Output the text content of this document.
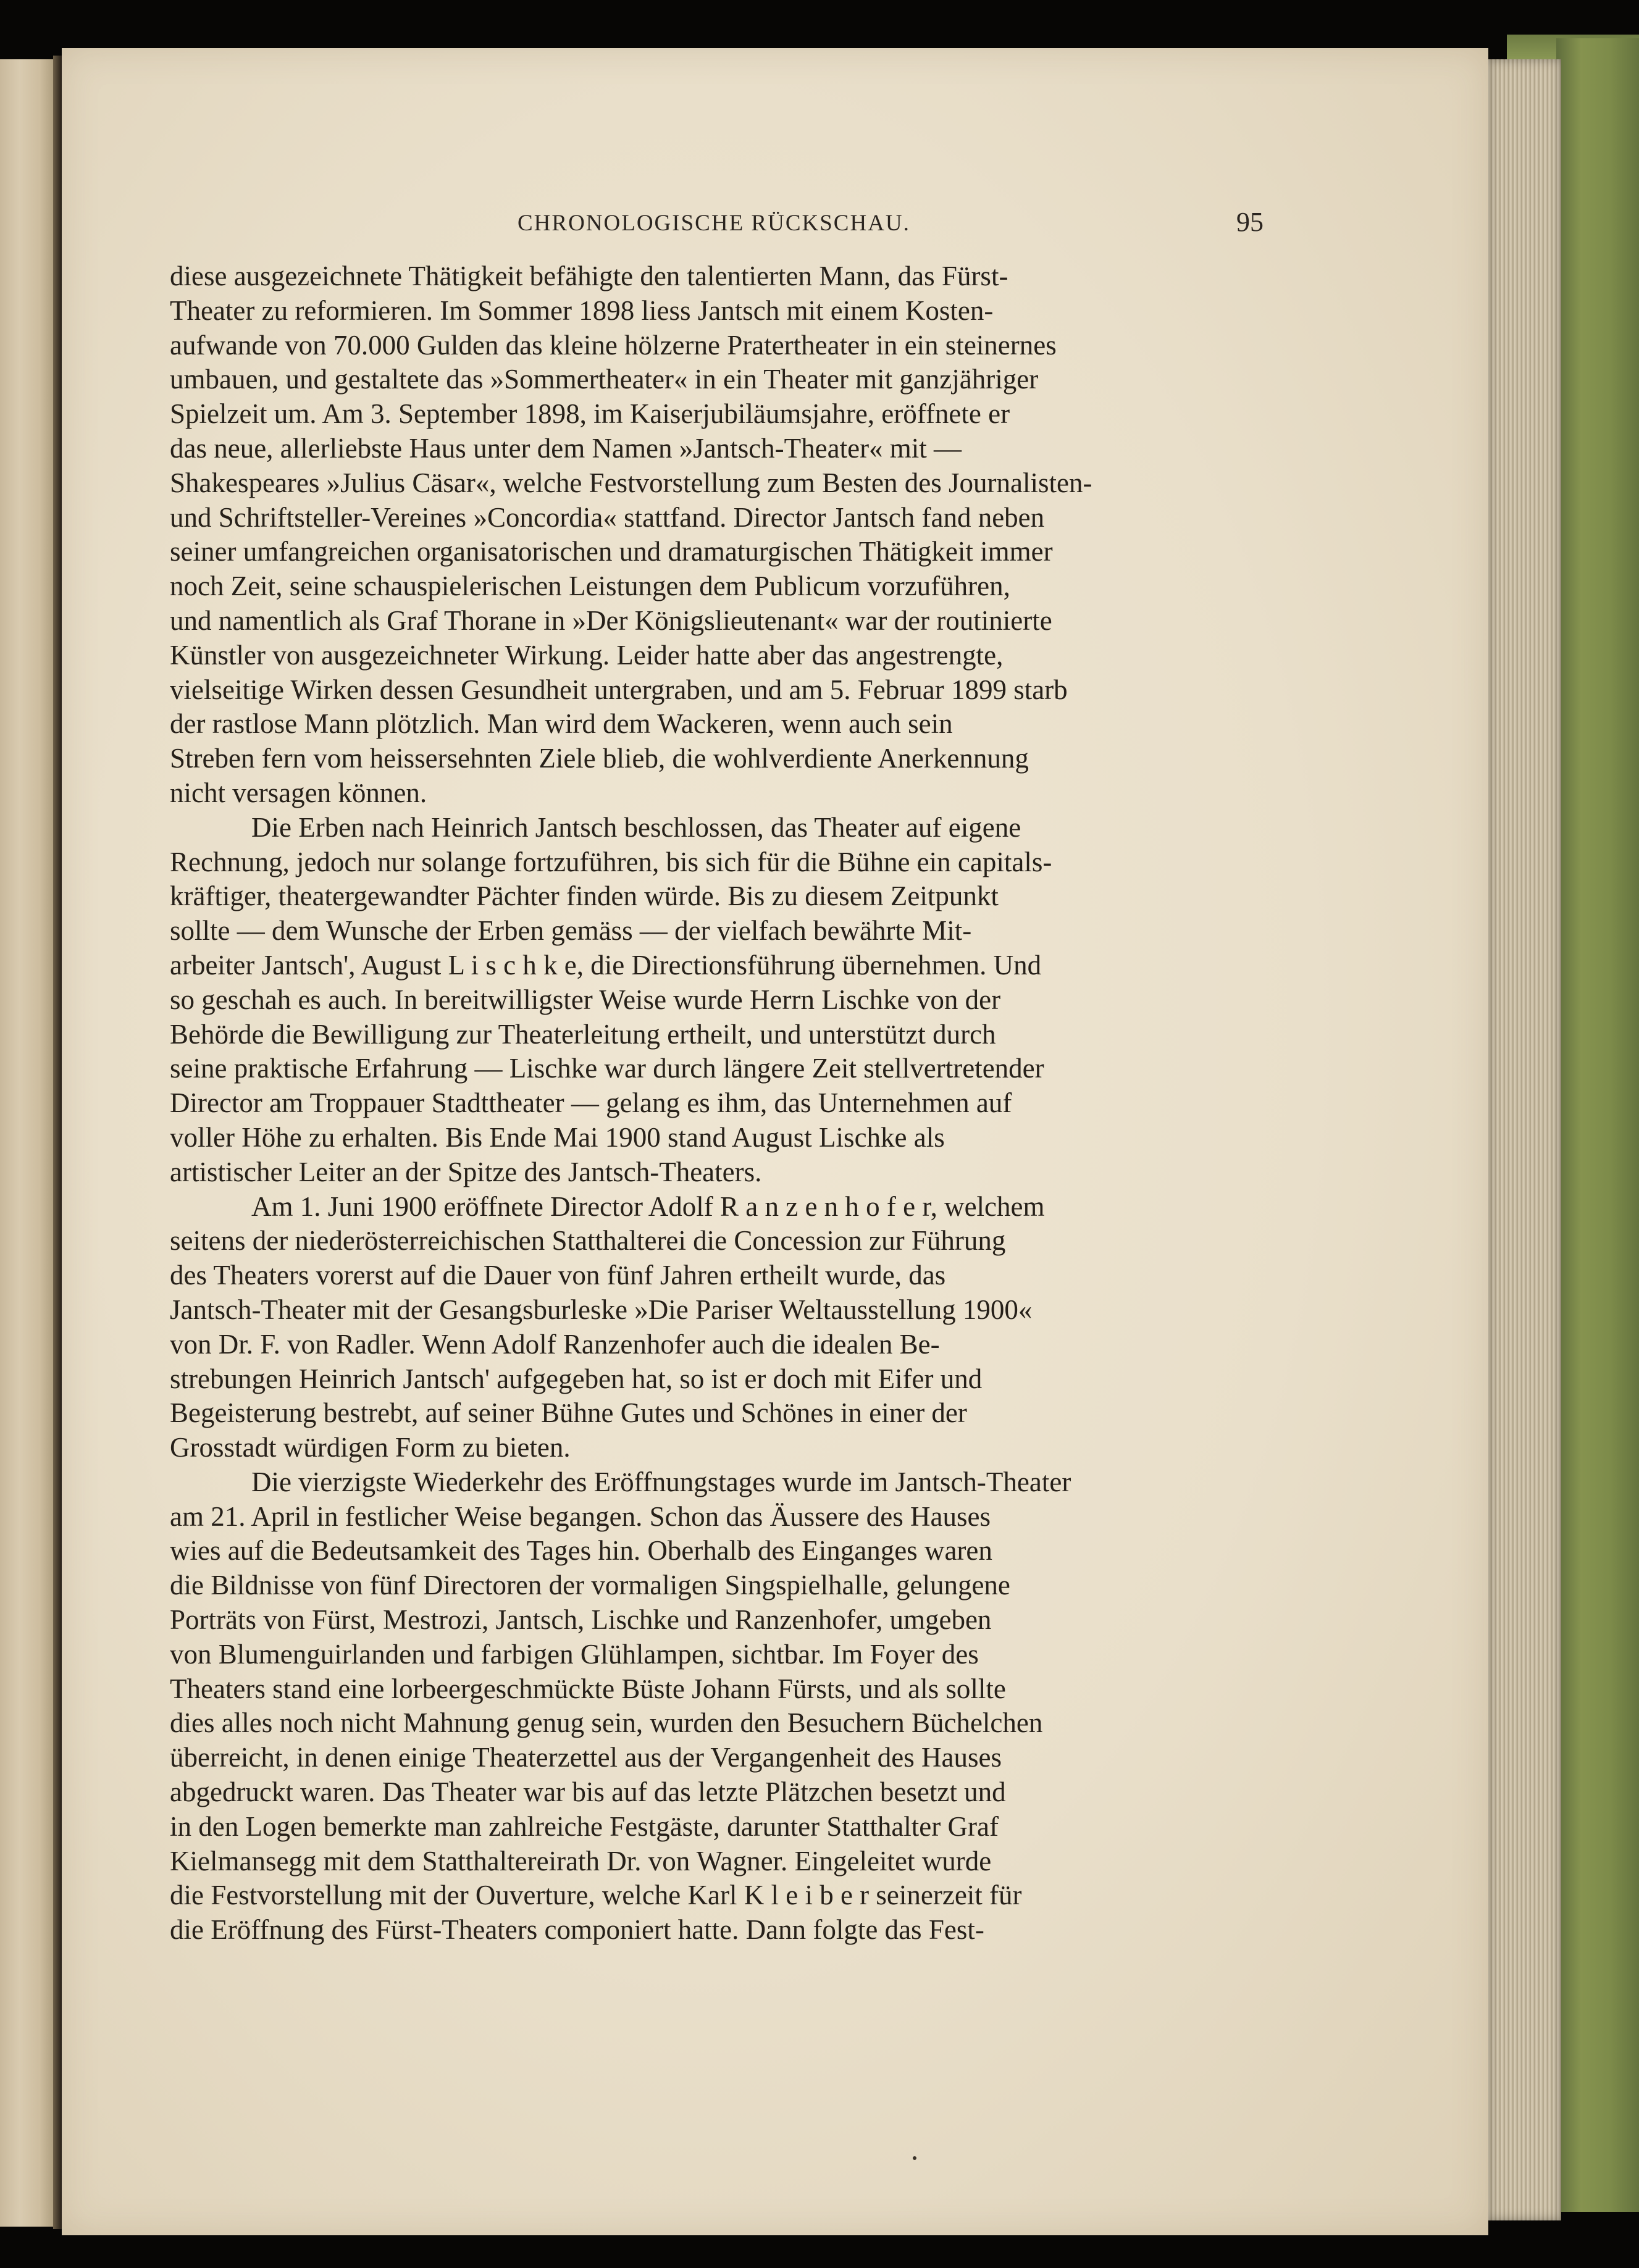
CHRONOLOGISCHE RÜCKSCHAU.	95
diese ausgezeichnete Thätigkeit befähigte den talentierten Mann, das Fürst-
Theater zu reformieren. Im Sommer 1898 liess Jantsch mit einem Kosten-
aufwande von 70.000 Gulden das kleine hölzerne Pratertheater in ein steinernes
umbauen, und gestaltete das »Sommertheater« in ein Theater mit ganzjähriger
Spielzeit um. Am 3. September 1898, im Kaiserjubiläumsjahre, eröffnete er
das neue, allerliebste Haus unter dem Namen »Jantsch-Theater« mit —
Shakespeares »Julius Cäsar«, welche Festvorstellung zum Besten des Journalisten-
und Schriftsteller-Vereines »Concordia« stattfand. Director Jantsch fand neben
seiner umfangreichen organisatorischen und dramaturgischen Thätigkeit immer
noch Zeit, seine schauspielerischen Leistungen dem Publicum vorzuführen,
und namentlich als Graf Thorane in »Der Königslieutenant« war der routinierte
Künstler von ausgezeichneter Wirkung. Leider hatte aber das angestrengte,
vielseitige Wirken dessen Gesundheit untergraben, und am 5. Februar 1899 starb
der rastlose Mann plötzlich. Man wird dem Wackeren, wenn auch sein
Streben fern vom heissersehnten Ziele blieb, die wohlverdiente Anerkennung
nicht versagen können.
Die Erben nach Heinrich Jantsch beschlossen, das Theater auf eigene
Rechnung, jedoch nur solange fortzuführen, bis sich für die Bühne ein capitals-
kräftiger, theatergewandter Pächter finden würde. Bis zu diesem Zeitpunkt
sollte — dem Wunsche der Erben gemäss — der vielfach bewährte Mit-
arbeiter Jantsch', August L i s c h k e, die Directionsführung übernehmen. Und
so geschah es auch. In bereitwilligster Weise wurde Herrn Lischke von der
Behörde die Bewilligung zur Theaterleitung ertheilt, und unterstützt durch
seine praktische Erfahrung — Lischke war durch längere Zeit stellvertretender
Director am Troppauer Stadttheater — gelang es ihm, das Unternehmen auf
voller Höhe zu erhalten. Bis Ende Mai 1900 stand August Lischke als
artistischer Leiter an der Spitze des Jantsch-Theaters.
Am 1. Juni 1900 eröffnete Director Adolf R a n z e n h o f e r, welchem
seitens der niederösterreichischen Statthalterei die Concession zur Führung
des Theaters vorerst auf die Dauer von fünf Jahren ertheilt wurde, das
Jantsch-Theater mit der Gesangsburleske »Die Pariser Weltausstellung 1900«
von Dr. F. von Radler. Wenn Adolf Ranzenhofer auch die idealen Be-
strebungen Heinrich Jantsch' aufgegeben hat, so ist er doch mit Eifer und
Begeisterung bestrebt, auf seiner Bühne Gutes und Schönes in einer der
Grosstadt würdigen Form zu bieten.
Die vierzigste Wiederkehr des Eröffnungstages wurde im Jantsch-Theater
am 21. April in festlicher Weise begangen. Schon das Äussere des Hauses
wies auf die Bedeutsamkeit des Tages hin. Oberhalb des Einganges waren
die Bildnisse von fünf Directoren der vormaligen Singspielhalle, gelungene
Porträts von Fürst, Mestrozi, Jantsch, Lischke und Ranzenhofer, umgeben
von Blumenguirlanden und farbigen Glühlampen, sichtbar. Im Foyer des
Theaters stand eine lorbeergeschmückte Büste Johann Fürsts, und als sollte
dies alles noch nicht Mahnung genug sein, wurden den Besuchern Büchelchen
überreicht, in denen einige Theaterzettel aus der Vergangenheit des Hauses
abgedruckt waren. Das Theater war bis auf das letzte Plätzchen besetzt und
in den Logen bemerkte man zahlreiche Festgäste, darunter Statthalter Graf
Kielmansegg mit dem Statthaltereirath Dr. von Wagner. Eingeleitet wurde
die Festvorstellung mit der Ouverture, welche Karl K l e i b e r seinerzeit für
die Eröffnung des Fürst-Theaters componiert hatte. Dann folgte das Fest-
